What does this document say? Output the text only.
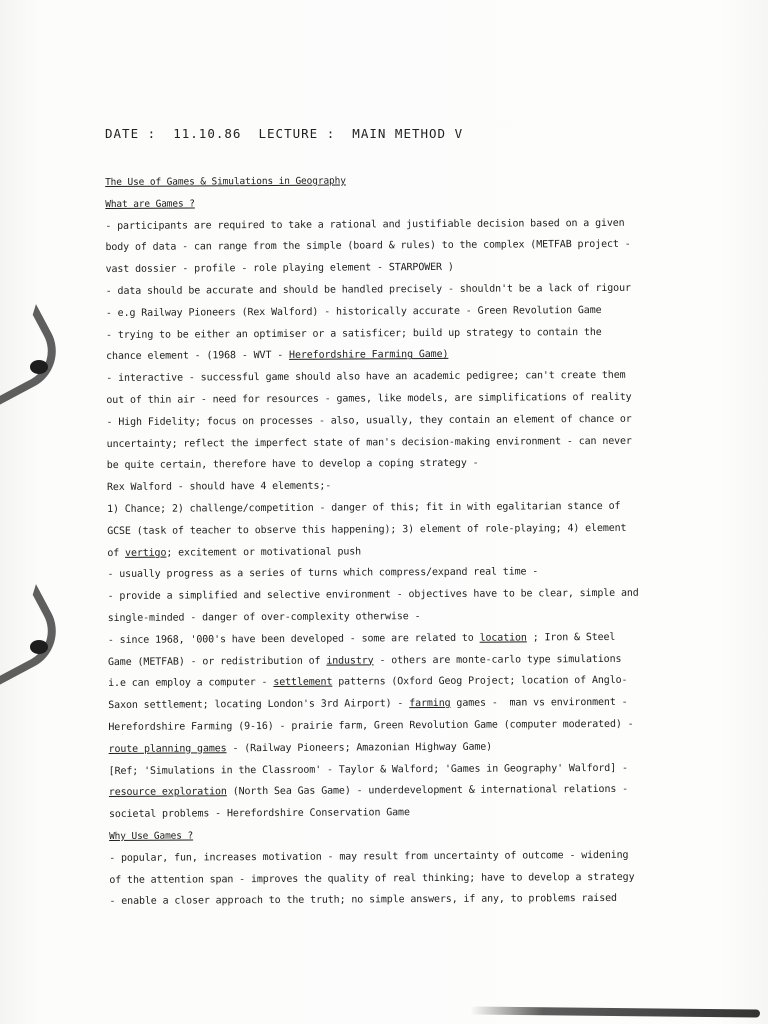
DATE :  11.10.86 LECTURE :  MAIN METHOD V
The Use of Games & Simulations in Geography
What are Games ?
- participants are required to take a rational and justifiable decision based on a given
body of data - can range from the simple (board & rules) to the complex (METFAB project -
vast dossier - profile - role playing element - STARPOWER )
- data should be accurate and should be handled precisely - shouldn't be a lack of rigour
- e.g Railway Pioneers (Rex Walford) - historically accurate - Green Revolution Game
- trying to be either an optimiser or a satisficer; build up strategy to contain the
chance element - (1968 - WVT - Herefordshire Farming Game)
- interactive - successful game should also have an academic pedigree; can't create them
out of thin air - need for resources - games, like models, are simplifications of reality
- High Fidelity; focus on processes - also, usually, they contain an element of chance or
uncertainty; reflect the imperfect state of man's decision-making environment - can never
be quite certain, therefore have to develop a coping strategy -
Rex Walford - should have 4 elements;-
1) Chance; 2) challenge/competition - danger of this; fit in with egalitarian stance of
GCSE (task of teacher to observe this happening); 3) element of role-playing; 4) element
of vertigo; excitement or motivational push
- usually progress as a series of turns which compress/expand real time -
- provide a simplified and selective environment - objectives have to be clear, simple and
single-minded - danger of over-complexity otherwise -
- since 1968, '000's have been developed - some are related to location ; Iron & Steel
Game (METFAB) - or redistribution of industry - others are monte-carlo type simulations
i.e can employ a computer - settlement patterns (Oxford Geog Project; location of Anglo-
Saxon settlement; locating London's 3rd Airport) - farming games -  man vs environment -
Herefordshire Farming (9-16) - prairie farm, Green Revolution Game (computer moderated) -
route planning games - (Railway Pioneers; Amazonian Highway Game)
[Ref; 'Simulations in the Classroom' - Taylor & Walford; 'Games in Geography' Walford] -
resource exploration (North Sea Gas Game) - underdevelopment & international relations -
societal problems - Herefordshire Conservation Game
Why Use Games ?
- popular, fun, increases motivation - may result from uncertainty of outcome - widening
of the attention span - improves the quality of real thinking; have to develop a strategy
- enable a closer approach to the truth; no simple answers, if any, to problems raised
